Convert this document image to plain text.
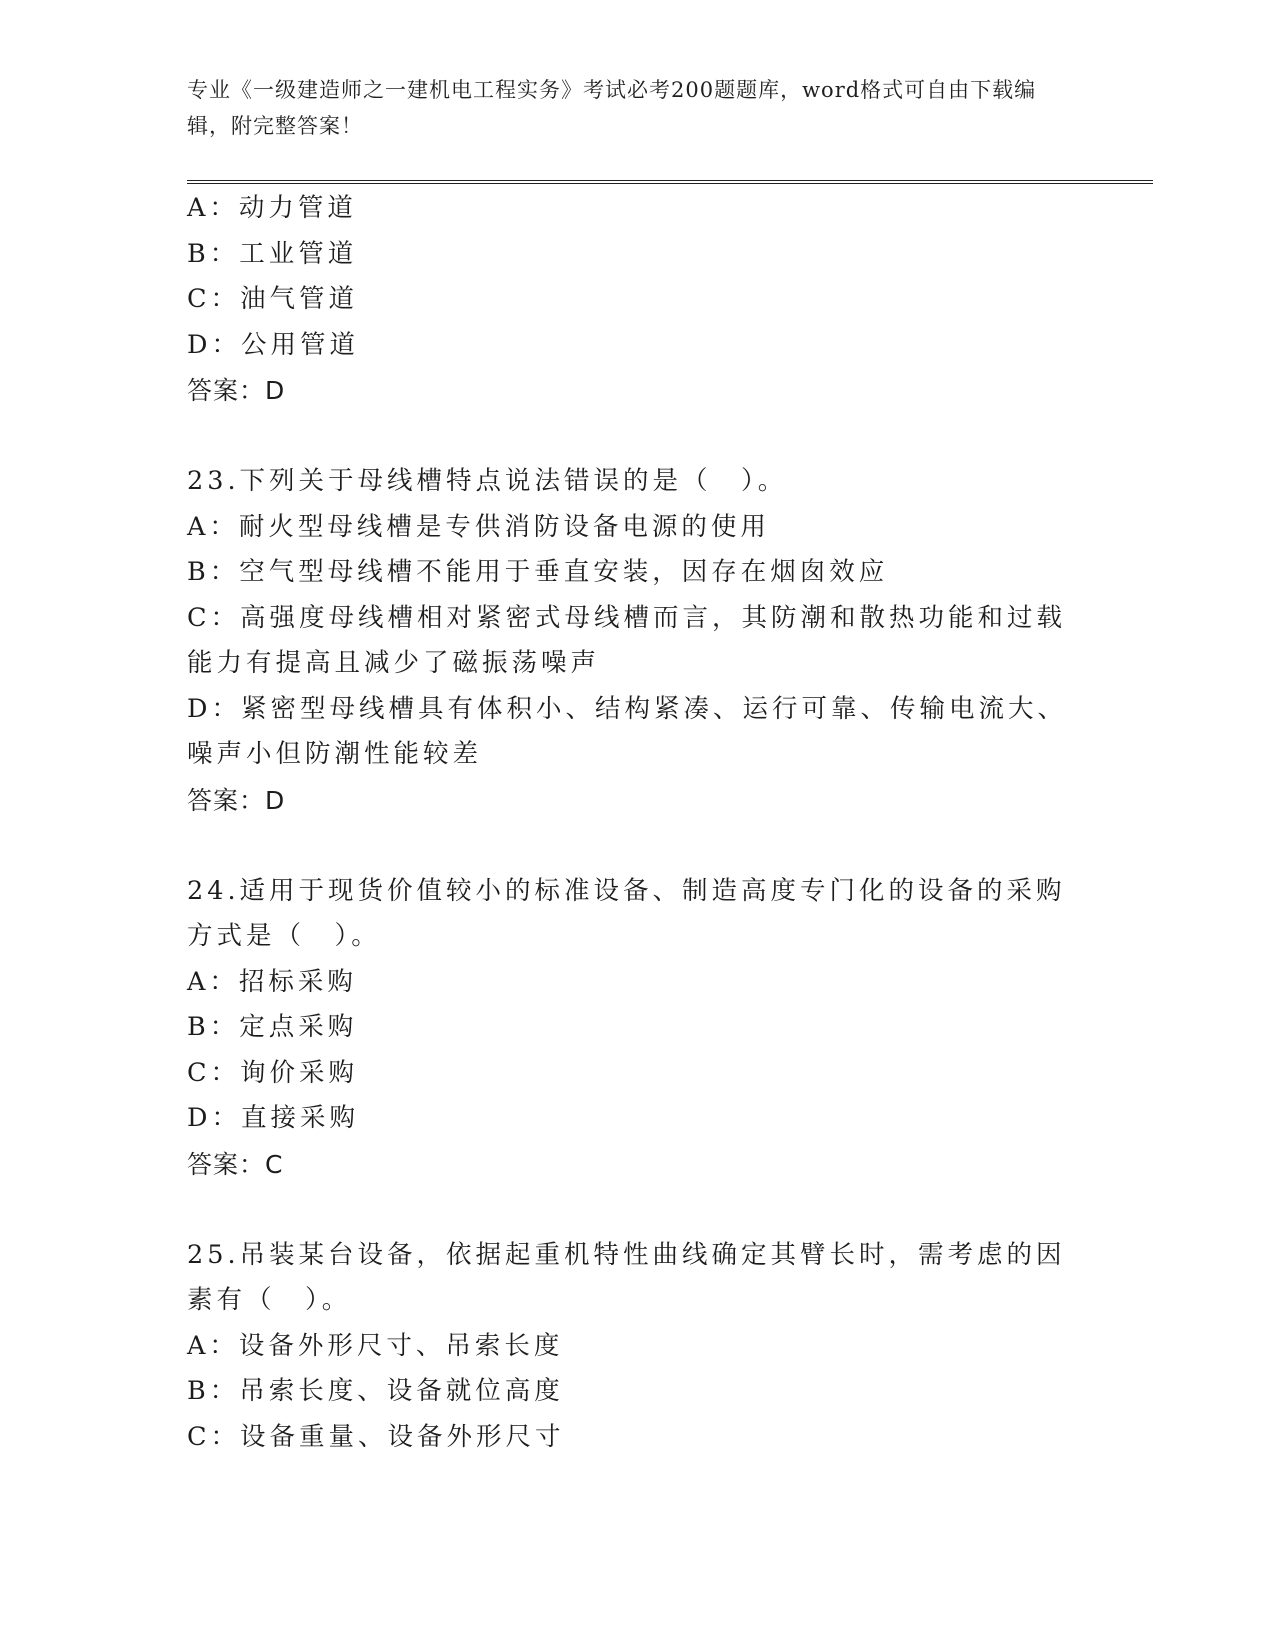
专业《一级建造师之一建机电工程实务》考试必考200题题库，word格式可自由下载编辑，附完整答案！
A：动力管道
B：工业管道
C：油气管道
D：公用管道
答案：D
23.下列关于母线槽特点说法错误的是（　）。
A：耐火型母线槽是专供消防设备电源的使用
B：空气型母线槽不能用于垂直安装，因存在烟囱效应
C：高强度母线槽相对紧密式母线槽而言，其防潮和散热功能和过载能力有提高且减少了磁振荡噪声
D：紧密型母线槽具有体积小、结构紧凑、运行可靠、传输电流大、噪声小但防潮性能较差
答案：D
24.适用于现货价值较小的标准设备、制造高度专门化的设备的采购方式是（　）。
A：招标采购
B：定点采购
C：询价采购
D：直接采购
答案：C
25.吊装某台设备，依据起重机特性曲线确定其臂长时，需考虑的因素有（　）。
A：设备外形尺寸、吊索长度
B：吊索长度、设备就位高度
C：设备重量、设备外形尺寸
